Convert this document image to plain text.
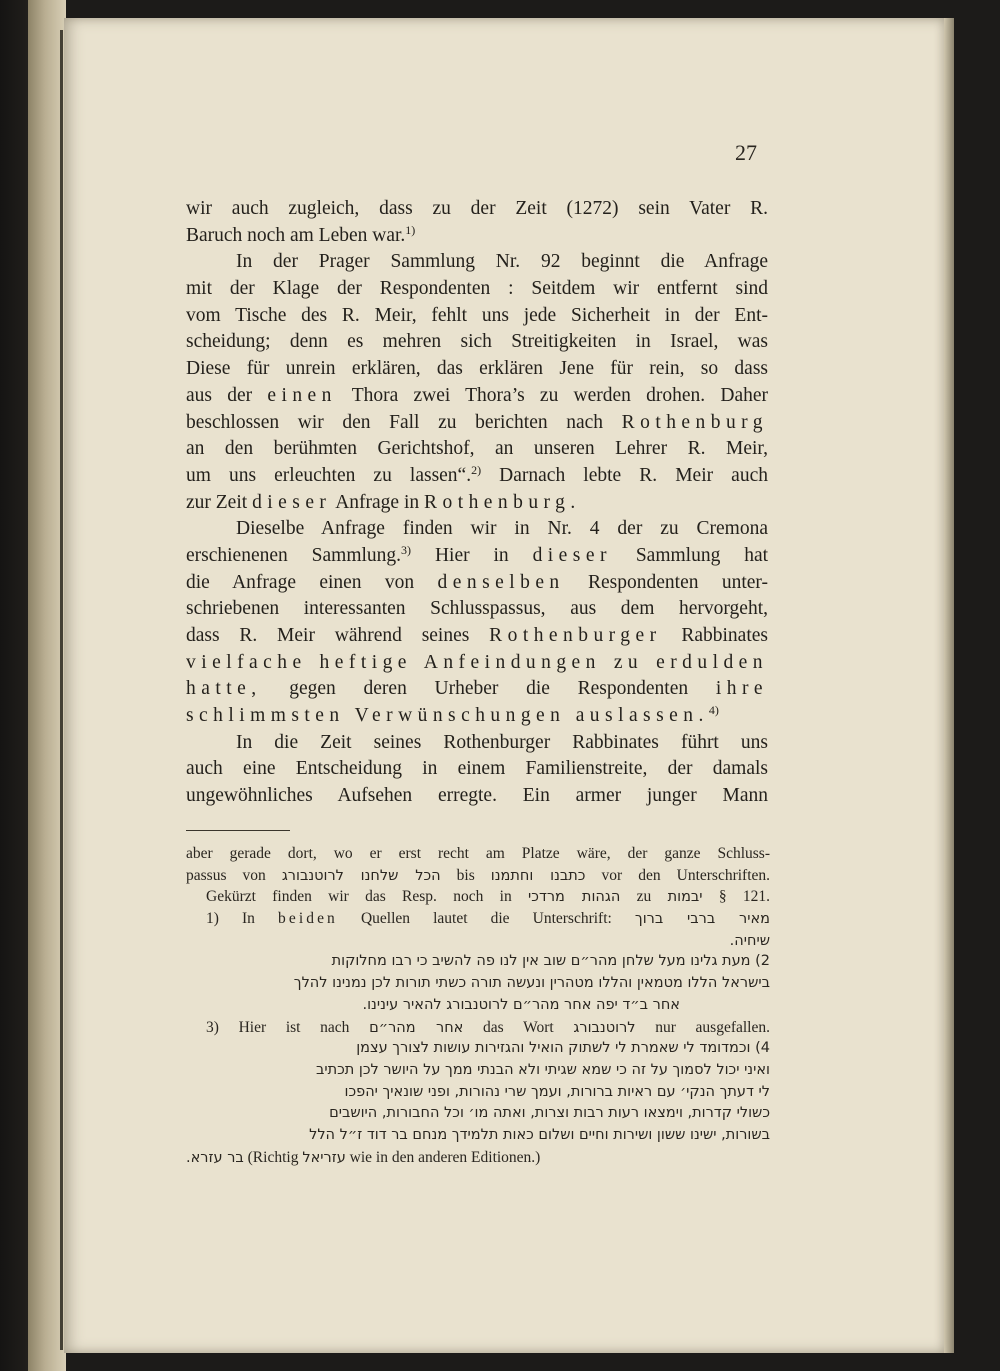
27
wir auch zugleich, dass zu der Zeit (1272) sein Vater R.
Baruch noch am Leben war.$^{1)}$
In der Prager Sammlung Nr. 92 beginnt die Anfrage
mit der Klage der Respondenten : Seitdem wir entfernt sind
vom Tische des R. Meir, fehlt uns jede Sicherheit in der Ent-
scheidung; denn es mehren sich Streitigkeiten in Israel, was
Diese für unrein erklären, das erklären Jene für rein, so dass
aus der einen Thora zwei Thora’s zu werden drohen. Daher
beschlossen wir den Fall zu berichten nach Rothenburg
an den berühmten Gerichtshof, an unseren Lehrer R. Meir,
um uns erleuchten zu lassen“.$^{2)}$ Darnach lebte R. Meir auch
zur Zeit dieser Anfrage in Rothenburg.
Dieselbe Anfrage finden wir in Nr. 4 der zu Cremona
erschienenen Sammlung.$^{3)}$ Hier in dieser Sammlung hat
die Anfrage einen von denselben Respondenten unter-
schriebenen interessanten Schlusspassus, aus dem hervorgeht,
dass R. Meir während seines Rothenburger Rabbinates
vielfache heftige Anfeindungen zu erdulden
hatte, gegen deren Urheber die Respondenten ihre
schlimmsten Verwünschungen auslassen.$^{4)}$
In die Zeit seines Rothenburger Rabbinates führt uns
auch eine Entscheidung in einem Familienstreite, der damals
ungewöhnliches Aufsehen erregte. Ein armer junger Mann
aber gerade dort, wo er erst recht am Platze wäre, der ganze Schluss-
passus von הכל שלחנו לרוטנבורג bis כתבנו וחתמנו vor den Unterschriften.
Gekürzt finden wir das Resp. noch in הגהות מרדכי zu יבמות § 121.
1) In beiden Quellen lautet die Unterschrift: מאיר ברבי ברוך
שיחיה.
2) מעת גלינו מעל שלחן מהר״ם שוב אין לנו פה להשיב כי רבו מחלוקות
בישראל הללו מטמאין והללו מטהרין ונעשה תורה כשתי תורות לכן נמנינו להלך
אחר ב״ד יפה אחר מהר״ם לרוטנבורג להאיר עינינו.
3) Hier ist nach אחר מהר״ם das Wort לרוטנבורג nur ausgefallen.
4) וכמדומד לי שאמרת לי לשתוק הואיל והגזירות עושות לצורך עצמן
ואיני יכול לסמוך על זה כי שמא שגיתי ולא הבנתי ממך על היושר לכן תכתיב
לי דעתך הנקי׳ עם ראיות ברורות, ועמך שרי נהורות, ופני שונאיך יהפכו
כשולי קדרות, וימצאו רעות רבות וצרות, ואתה מו׳ וכל החבורות, היושבים
בשורות, ישינו ששון ושירות וחיים ושלום כאות תלמידך מנחם בר דוד ז״ל הלל
בר עזרא. (Richtig עזריאל wie in den anderen Editionen.)
